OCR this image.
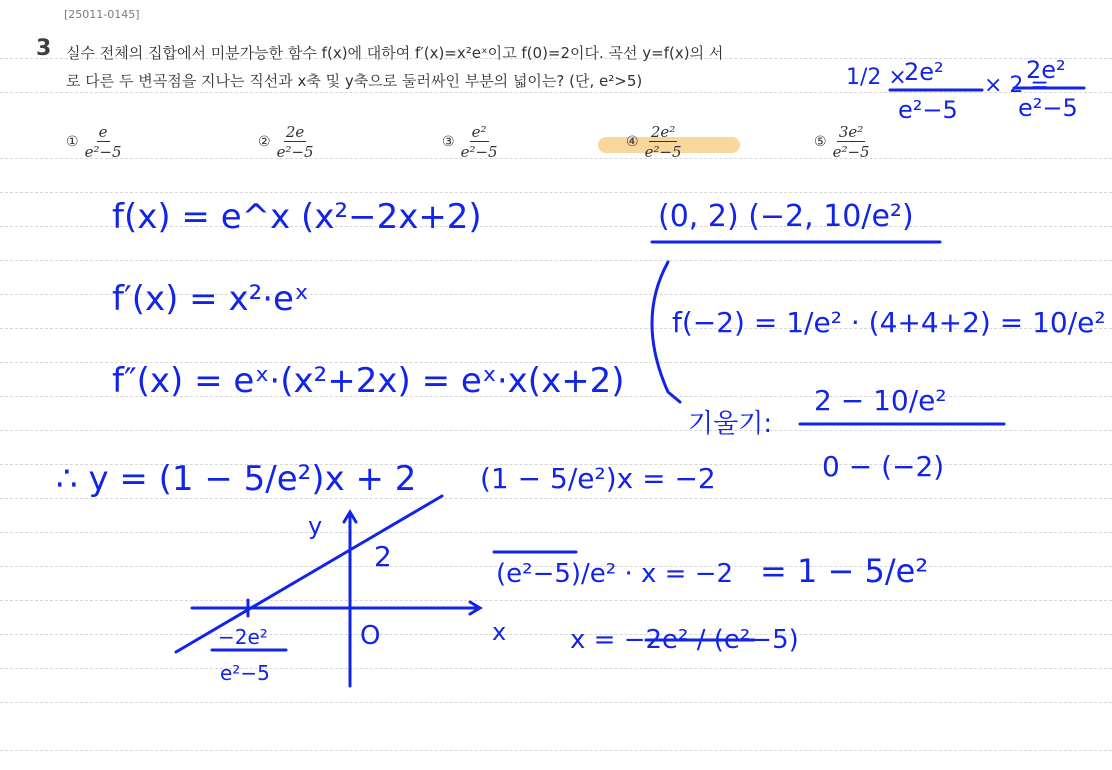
[25011-0145]
3 실수 전체의 집합에서 미분가능한 함수 f(x)에 대하여 f′(x)=x²eˣ이고 f(0)=2이다. 곡선 y=f(x)의 서
로 다른 두 변곡점을 지나는 직선과 x축 및 y축으로 둘러싸인 부분의 넓이는? (단, e²>5)
① $\frac{e}{\text{e²−5}}$	② $\frac{2e}{\text{e²−5}}$	③ $\frac{\text{e²}}{\text{e²−5}}$	④ $\frac{\text{2e²}}{\text{e²−5}}$	⑤ $\frac{\text{3e²}}{\text{e²−5}}$
1/2 ×
2e²
e²−5
× 2 =
2e²
e²−5
f(x) = e^x (x²−2x+2)
f′(x) = x²·eˣ
f″(x) = eˣ·(x²+2x) = eˣ·x(x+2)
(0, 2) (−2, 10/e²)
f(−2) = 1/e² · (4+4+2) = 10/e²
기울기:
2 − 10/e²
0 − (−2)
= 1 − 5/e²
∴ y = (1 − 5/e²)x + 2 (1 − 5/e²)x = −2
(e²−5)/e² · x = −2
x = −2e² / (e²−5)
y
x
O
2
−2e²
e²−5
